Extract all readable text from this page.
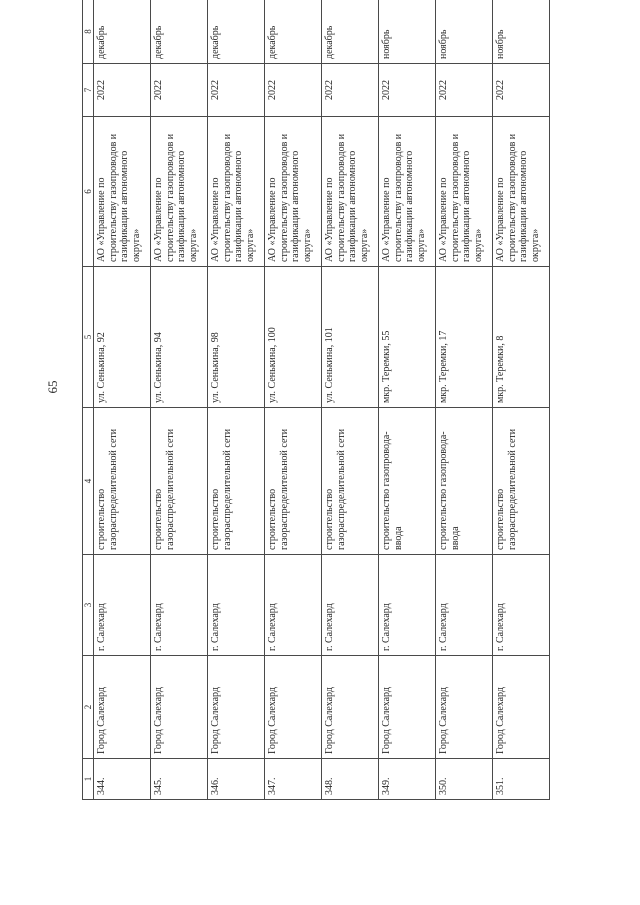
65
1	2	3	4	5	6	7	8
344.	Город Салехард	г. Салехард	строительство газораспределительной сети	ул. Сенькина, 92	АО «Управление по строительству газопроводов и газификации автономного округа»	2022	декабрь
345.	Город Салехард	г. Салехард	строительство газораспределительной сети	ул. Сенькина, 94	АО «Управление по строительству газопроводов и газификации автономного округа»	2022	декабрь
346.	Город Салехард	г. Салехард	строительство газораспределительной сети	ул. Сенькина, 98	АО «Управление по строительству газопроводов и газификации автономного округа»	2022	декабрь
347.	Город Салехард	г. Салехард	строительство газораспределительной сети	ул. Сенькина, 100	АО «Управление по строительству газопроводов и газификации автономного округа»	2022	декабрь
348.	Город Салехард	г. Салехард	строительство газораспределительной сети	ул. Сенькина, 101	АО «Управление по строительству газопроводов и газификации автономного округа»	2022	декабрь
349.	Город Салехард	г. Салехард	строительство газопровода-ввода	мкр. Теремки, 55	АО «Управление по строительству газопроводов и газификации автономного округа»	2022	ноябрь
350.	Город Салехард	г. Салехард	строительство газопровода-ввода	мкр. Теремки, 17	АО «Управление по строительству газопроводов и газификации автономного округа»	2022	ноябрь
351.	Город Салехард	г. Салехард	строительство газораспределительной сети	мкр. Теремки, 8	АО «Управление по строительству газопроводов и газификации автономного округа»	2022	ноябрь
